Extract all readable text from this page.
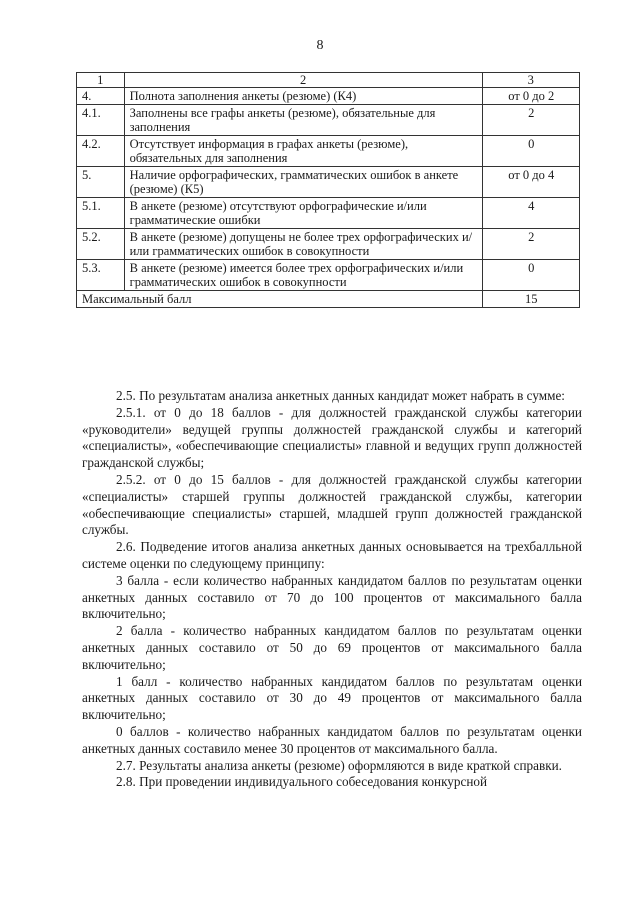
8
1	2	3
4.	Полнота заполнения анкеты (резюме) (К4)	от 0 до 2
4.1.	Заполнены все графы анкеты (резюме), обязательные для заполнения	2
4.2.	Отсутствует информация в графах анкеты (резюме), обязательных для заполнения	0
5.	Наличие орфографических, грамматических ошибок в анкете (резюме) (К5)	от 0 до 4
5.1.	В анкете (резюме) отсутствуют орфографические и/или грамматические ошибки	4
5.2.	В анкете (резюме) допущены не более трех орфографических и/или грамматических ошибок в совокупности	2
5.3.	В анкете (резюме) имеется более трех орфографических и/или грамматических ошибок в совокупности	0
Максимальный балл		15

2.5. По результатам анализа анкетных данных кандидат может набрать в сумме:

2.5.1. от 0 до 18 баллов - для должностей гражданской службы категории «руководители» ведущей группы должностей гражданской службы и категорий «специалисты», «обеспечивающие специалисты» главной и ведущих групп должностей гражданской службы;

2.5.2. от 0 до 15 баллов - для должностей гражданской службы категории «специалисты» старшей группы должностей гражданской службы, категории «обеспечивающие специалисты» старшей, младшей групп должностей гражданской службы.

2.6. Подведение итогов анализа анкетных данных основывается на трехбалльной системе оценки по следующему принципу:

3 балла - если количество набранных кандидатом баллов по результатам оценки анкетных данных составило от 70 до 100 процентов от максимального балла включительно;

2 балла - количество набранных кандидатом баллов по результатам оценки анкетных данных составило от 50 до 69 процентов от максимального балла включительно;

1 балл - количество набранных кандидатом баллов по результатам оценки анкетных данных составило от 30 до 49 процентов от максимального балла включительно;

0 баллов - количество набранных кандидатом баллов по результатам оценки анкетных данных составило менее 30 процентов от максимального балла.

2.7. Результаты анализа анкеты (резюме) оформляются в виде краткой справки.

2.8. При проведении индивидуального собеседования конкурсной
